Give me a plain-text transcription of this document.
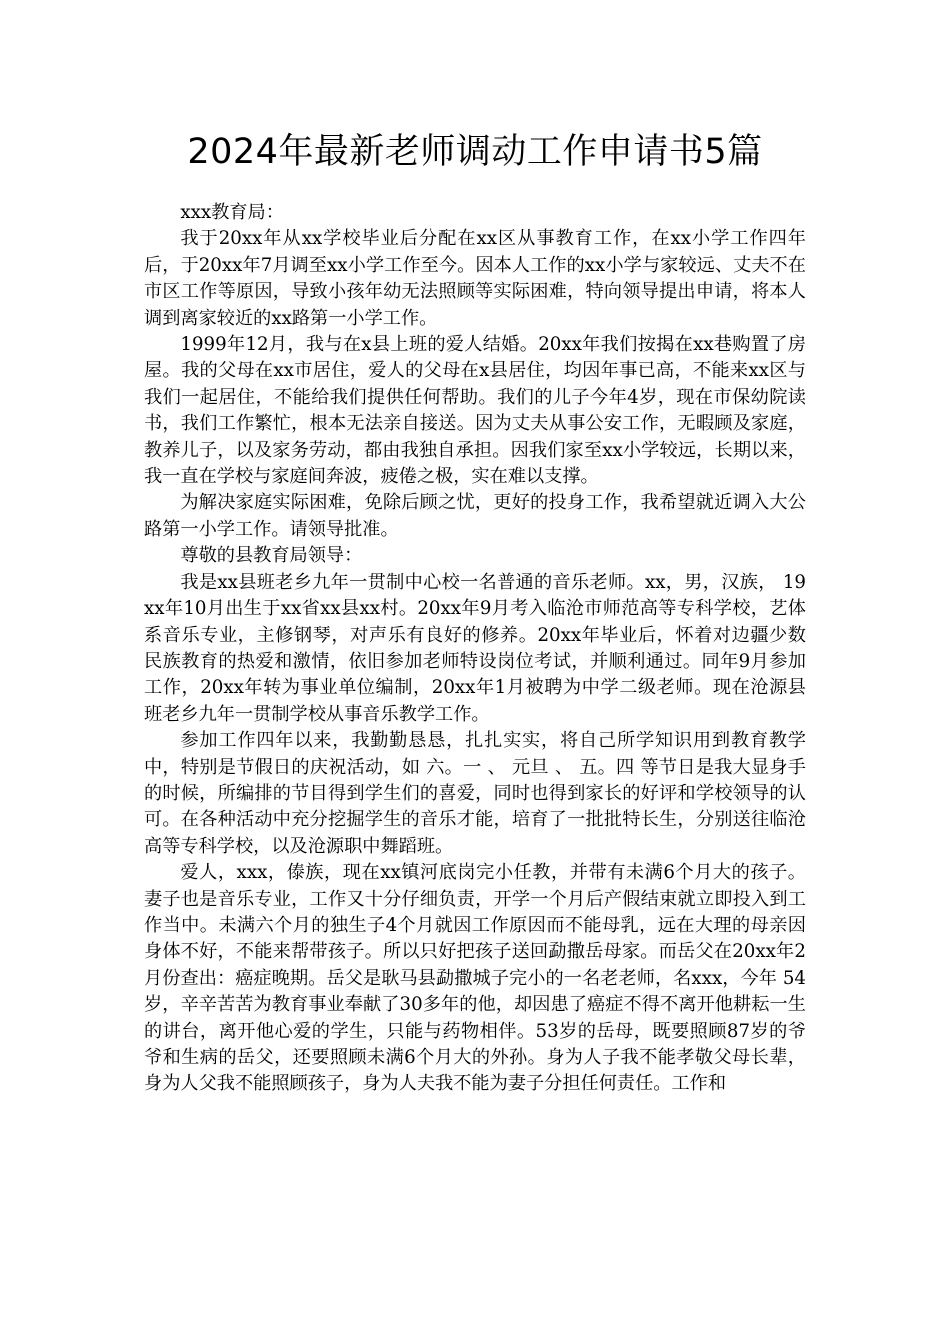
2024年最新老师调动工作申请书5篇

xxx教育局：

我于20xx年从xx学校毕业后分配在xx区从事教育工作，在xx小学工作四年后，于20xx年7月调至xx小学工作至今。因本人工作的xx小学与家较远、丈夫不在市区工作等原因，导致小孩年幼无法照顾等实际困难，特向领导提出申请，将本人调到离家较近的xx路第一小学工作。

1999年12月，我与在x县上班的爱人结婚。20xx年我们按揭在xx巷购置了房屋。我的父母在xx市居住，爱人的父母在x县居住，均因年事已高，不能来xx区与我们一起居住，不能给我们提供任何帮助。我们的儿子今年4岁，现在市保幼院读书，我们工作繁忙，根本无法亲自接送。因为丈夫从事公安工作，无暇顾及家庭，教养儿子，以及家务劳动，都由我独自承担。因我们家至xx小学较远，长期以来，我一直在学校与家庭间奔波，疲倦之极，实在难以支撑。

为解决家庭实际困难，免除后顾之忧，更好的投身工作，我希望就近调入大公路第一小学工作。请领导批准。

尊敬的县教育局领导：

我是xx县班老乡九年一贯制中心校一名普通的音乐老师。xx，男，汉族， 19xx年10月出生于xx省xx县xx村。20xx年9月考入临沧市师范高等专科学校，艺体系音乐专业，主修钢琴，对声乐有良好的修养。20xx年毕业后，怀着对边疆少数民族教育的热爱和激情，依旧参加老师特设岗位考试，并顺利通过。同年9月参加工作，20xx年转为事业单位编制，20xx年1月被聘为中学二级老师。现在沧源县班老乡九年一贯制学校从事音乐教学工作。

参加工作四年以来，我勤勤恳恳，扎扎实实，将自己所学知识用到教育教学中，特别是节假日的庆祝活动，如 六。一 、 元旦 、 五。四 等节日是我大显身手的时候，所编排的节目得到学生们的喜爱，同时也得到家长的好评和学校领导的认可。在各种活动中充分挖掘学生的音乐才能，培育了一批批特长生，分别送往临沧高等专科学校，以及沧源职中舞蹈班。

爱人，xxx，傣族，现在xx镇河底岗完小任教，并带有未满6个月大的孩子。妻子也是音乐专业，工作又十分仔细负责，开学一个月后产假结束就立即投入到工作当中。未满六个月的独生子4个月就因工作原因而不能母乳，远在大理的母亲因身体不好，不能来帮带孩子。所以只好把孩子送回勐撒岳母家。而岳父在20xx年2月份查出：癌症晚期。岳父是耿马县勐撒城子完小的一名老老师，名xxx，今年 54岁，辛辛苦苦为教育事业奉献了30多年的他，却因患了癌症不得不离开他耕耘一生的讲台，离开他心爱的学生，只能与药物相伴。53岁的岳母，既要照顾87岁的爷爷和生病的岳父，还要照顾未满6个月大的外孙。身为人子我不能孝敬父母长辈，身为人父我不能照顾孩子，身为人夫我不能为妻子分担任何责任。工作和
